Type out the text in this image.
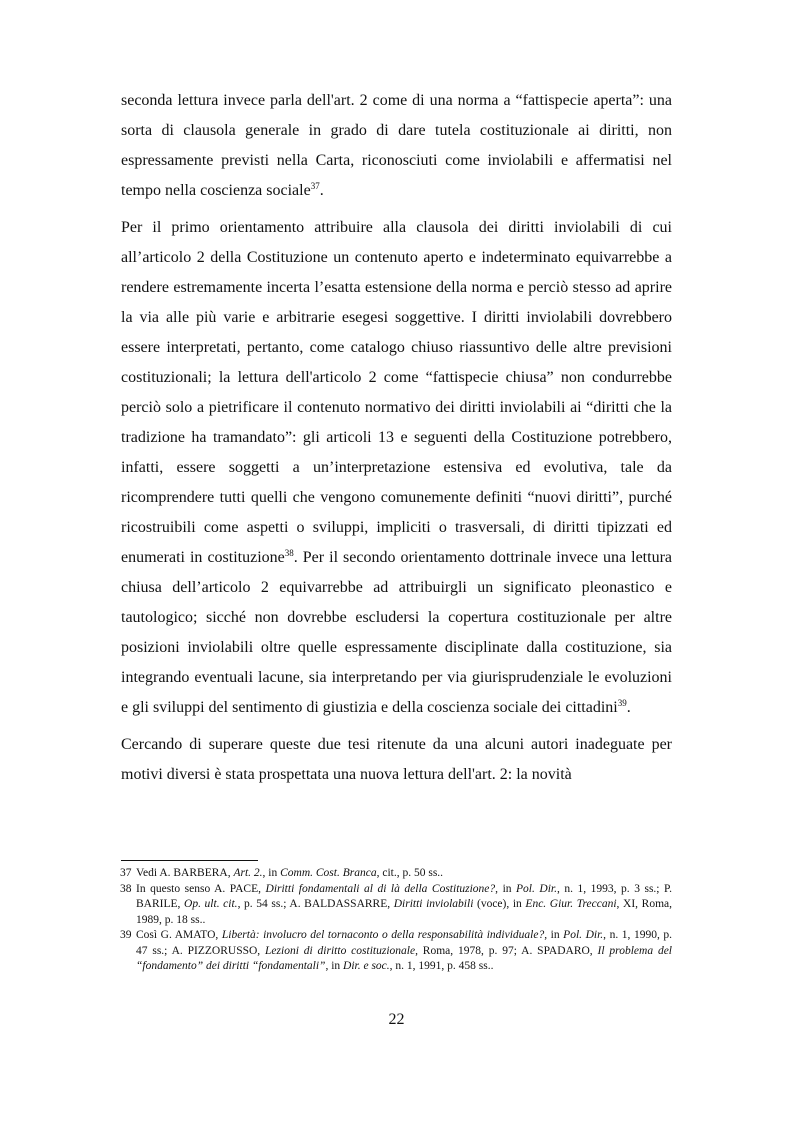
seconda lettura invece parla dell'art. 2 come di una norma a “fattispecie aperta”: una sorta di clausola generale in grado di dare tutela costituzionale ai diritti, non espressamente previsti nella Carta, riconosciuti come inviolabili e affermatisi nel tempo nella coscienza sociale$^{37}$.

Per il primo orientamento attribuire alla clausola dei diritti inviolabili di cui all’articolo 2 della Costituzione un contenuto aperto e indeterminato equivarrebbe a rendere estremamente incerta l’esatta estensione della norma e perciò stesso ad aprire la via alle più varie e arbitrarie esegesi soggettive. I diritti inviolabili dovrebbero essere interpretati, pertanto, come catalogo chiuso riassuntivo delle altre previsioni costituzionali; la lettura dell'articolo 2 come “fattispecie chiusa” non condurrebbe perciò solo a pietrificare il contenuto normativo dei diritti inviolabili ai “diritti che la tradizione ha tramandato”: gli articoli 13 e seguenti della Costituzione potrebbero, infatti, essere soggetti a un’interpretazione estensiva ed evolutiva, tale da ricomprendere tutti quelli che vengono comunemente definiti “nuovi diritti”, purché ricostruibili come aspetti o sviluppi, impliciti o trasversali, di diritti tipizzati ed enumerati in costituzione$^{38}$. Per il secondo orientamento dottrinale invece una lettura chiusa dell’articolo 2 equivarrebbe ad attribuirgli un significato pleonastico e tautologico; sicché non dovrebbe escludersi la copertura costituzionale per altre posizioni inviolabili oltre quelle espressamente disciplinate dalla costituzione, sia integrando eventuali lacune, sia interpretando per via giurisprudenziale le evoluzioni e gli sviluppi del sentimento di giustizia e della coscienza sociale dei cittadini$^{39}$.

Cercando di superare queste due tesi ritenute da una alcuni autori inadeguate per motivi diversi è stata prospettata una nuova lettura dell'art. 2: la novità

37 Vedi A. BARBERA, Art. 2., in Comm. Cost. Branca, cit., p. 50 ss..

38 In questo senso A. PACE, Diritti fondamentali al di là della Costituzione?, in Pol. Dir., n. 1, 1993, p. 3 ss.; P. BARILE, Op. ult. cit., p. 54 ss.; A. BALDASSARRE, Diritti inviolabili (voce), in Enc. Giur. Treccani, XI, Roma, 1989, p. 18 ss..

39 Così G. AMATO, Libertà: involucro del tornaconto o della responsabilità individuale?, in Pol. Dir., n. 1, 1990, p. 47 ss.; A. PIZZORUSSO, Lezioni di diritto costituzionale, Roma, 1978, p. 97; A. SPADARO, Il problema del “fondamento” dei diritti “fondamentali”, in Dir. e soc., n. 1, 1991, p. 458 ss..

22
